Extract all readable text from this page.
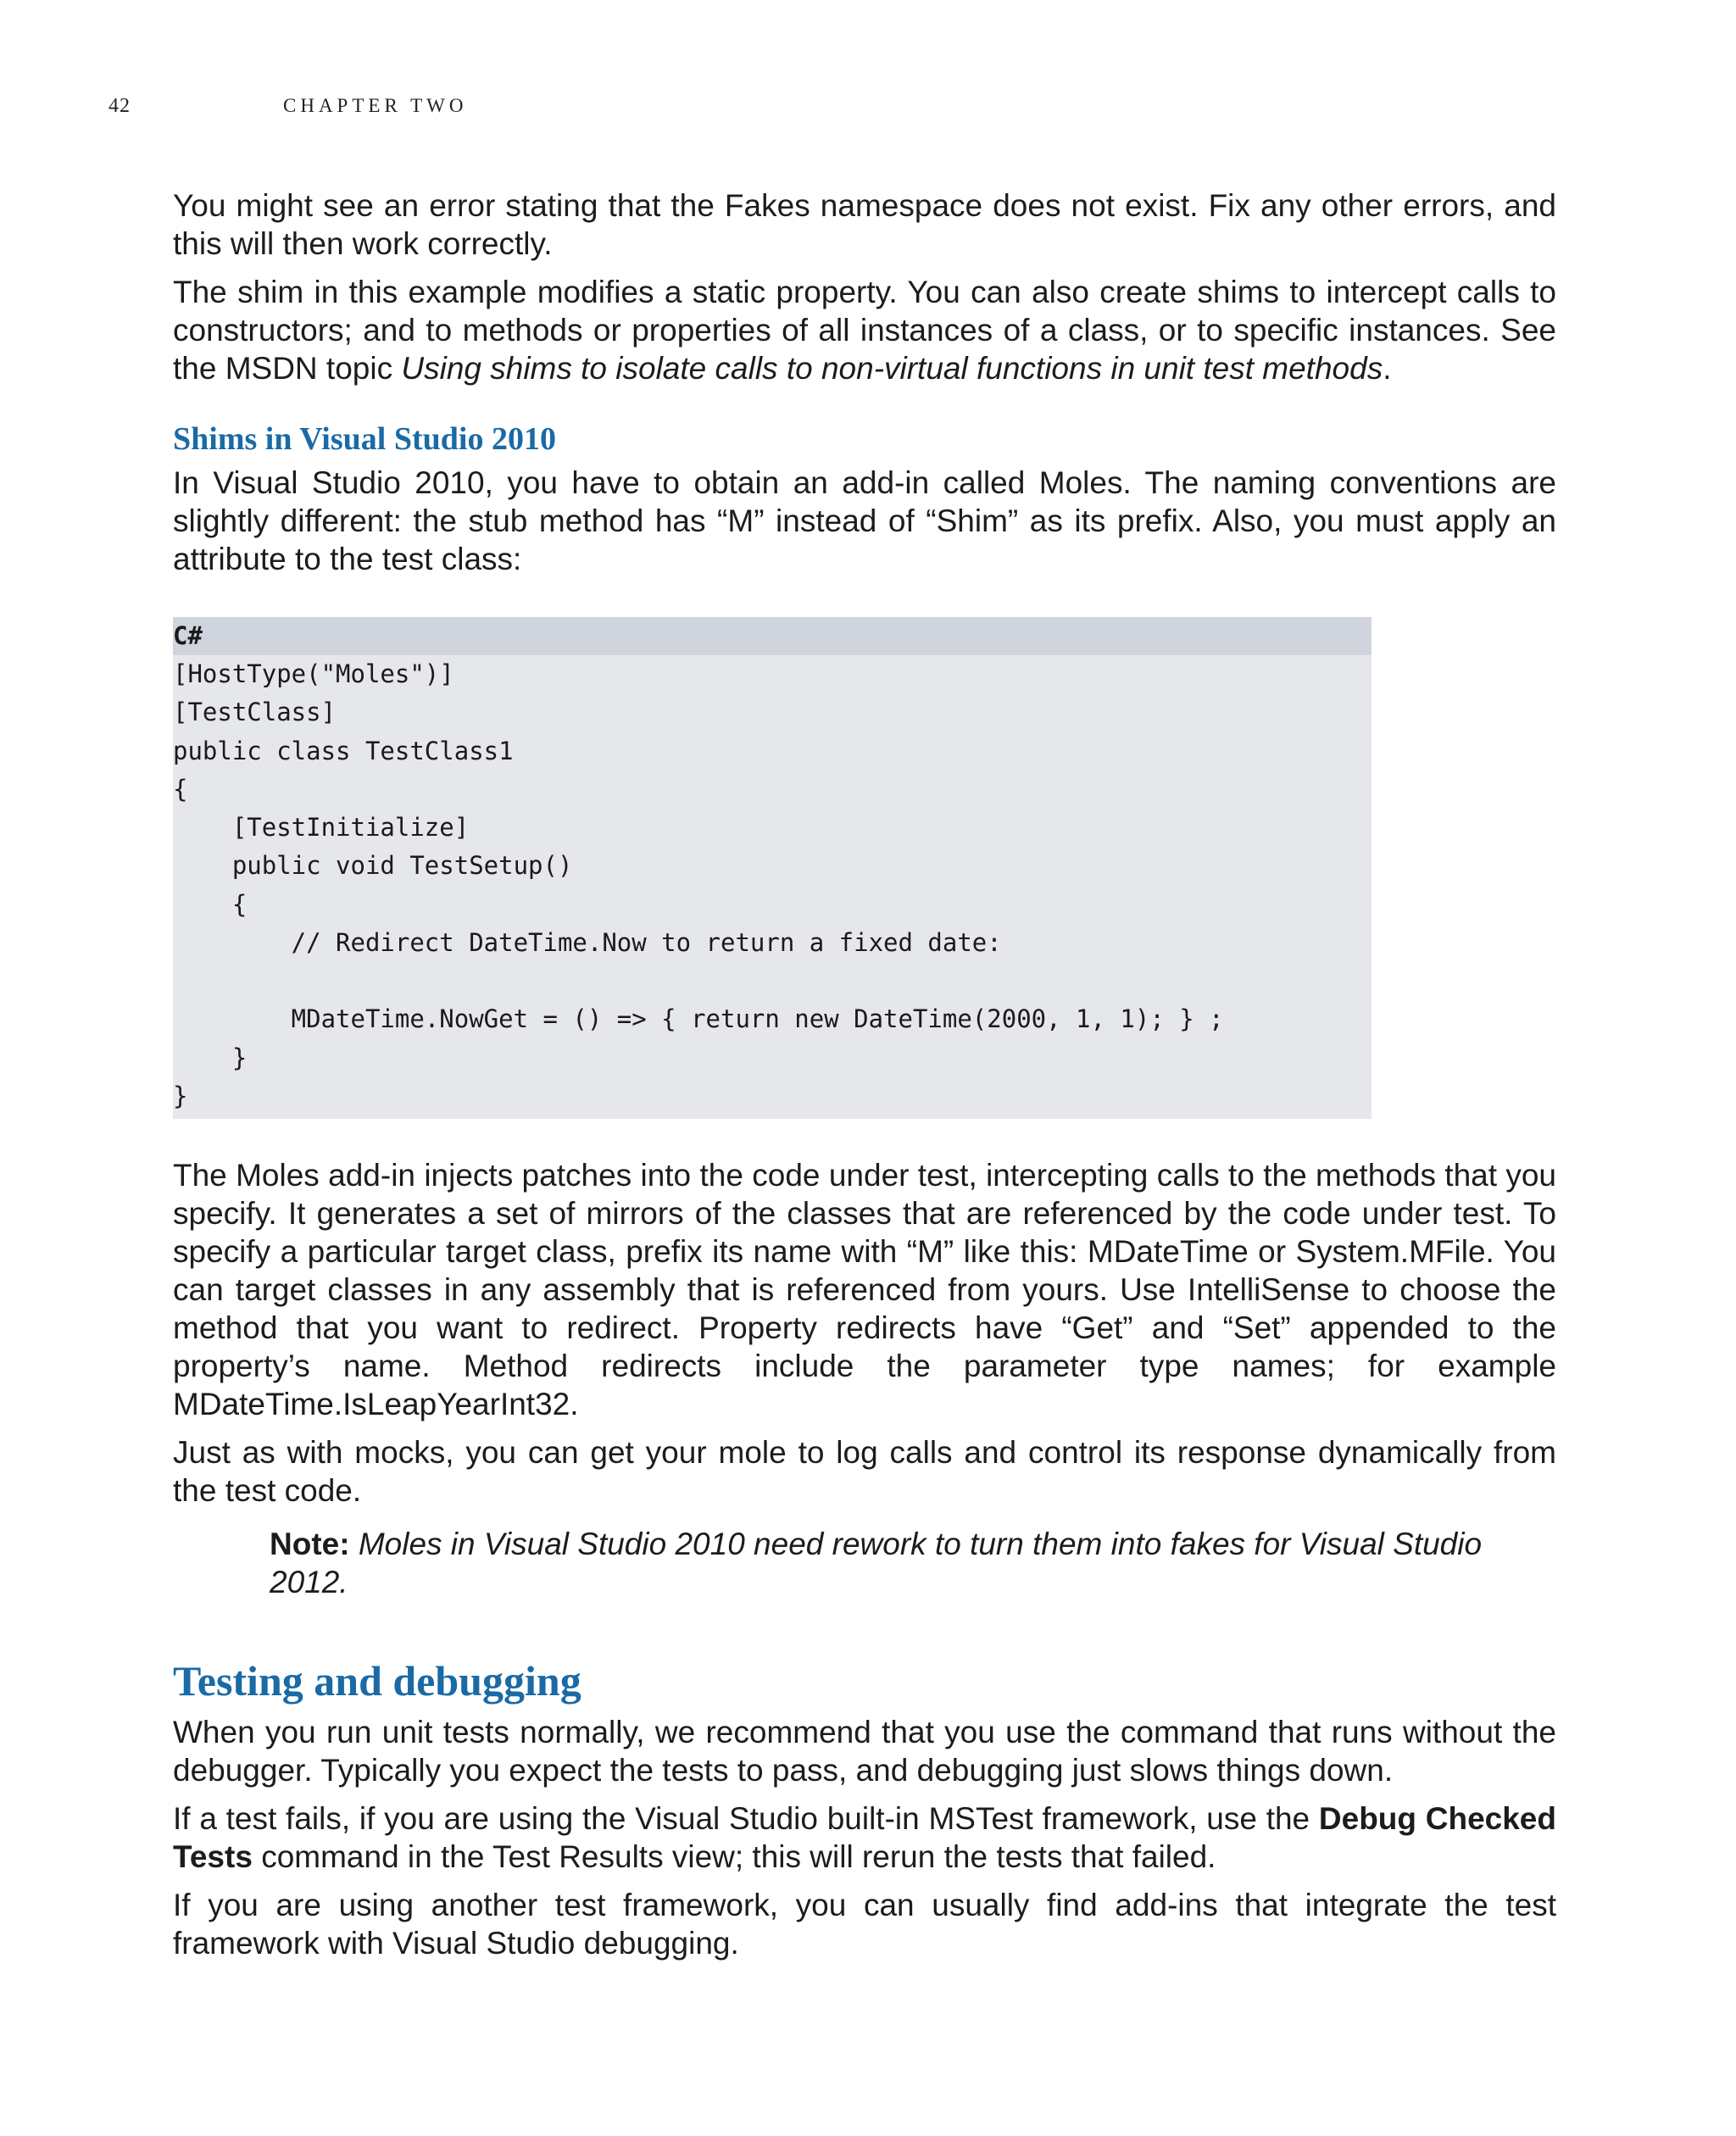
42	CHAPTER TWO

You might see an error stating that the Fakes namespace does not exist. Fix any other errors, and this will then work correctly.

The shim in this example modifies a static property. You can also create shims to intercept calls to constructors; and to methods or properties of all instances of a class, or to specific instances. See the MSDN topic Using shims to isolate calls to non-virtual functions in unit test methods.

Shims in Visual Studio 2010

In Visual Studio 2010, you have to obtain an add-in called Moles. The naming conventions are slightly different: the stub method has “M” instead of “Shim” as its prefix. Also, you must apply an attribute to the test class:

C#
[HostType("Moles")]
[TestClass]
public class TestClass1
{
[TestInitialize]
public void TestSetup()
{
// Redirect DateTime.Now to return a fixed date:
MDateTime.NowGet = () => { return new DateTime(2000, 1, 1); } ;
}
}

The Moles add-in injects patches into the code under test, intercepting calls to the methods that you specify. It generates a set of mirrors of the classes that are referenced by the code under test. To specify a particular target class, prefix its name with “M” like this: MDateTime or System.MFile. You can target classes in any assembly that is referenced from yours. Use IntelliSense to choose the method that you want to redirect. Property redirects have “Get” and “Set” appended to the property’s name. Method redirects include the parameter type names; for example MDateTime.IsLeapYearInt32.

Just as with mocks, you can get your mole to log calls and control its response dynamically from the test code.

Note: Moles in Visual Studio 2010 need rework to turn them into fakes for Visual Studio 2012.
Testing and debugging

When you run unit tests normally, we recommend that you use the command that runs without the debugger. Typically you expect the tests to pass, and debugging just slows things down.

If a test fails, if you are using the Visual Studio built-in MSTest framework, use the Debug Checked Tests command in the Test Results view; this will rerun the tests that failed.

If you are using another test framework, you can usually find add-ins that integrate the test framework with Visual Studio debugging.
